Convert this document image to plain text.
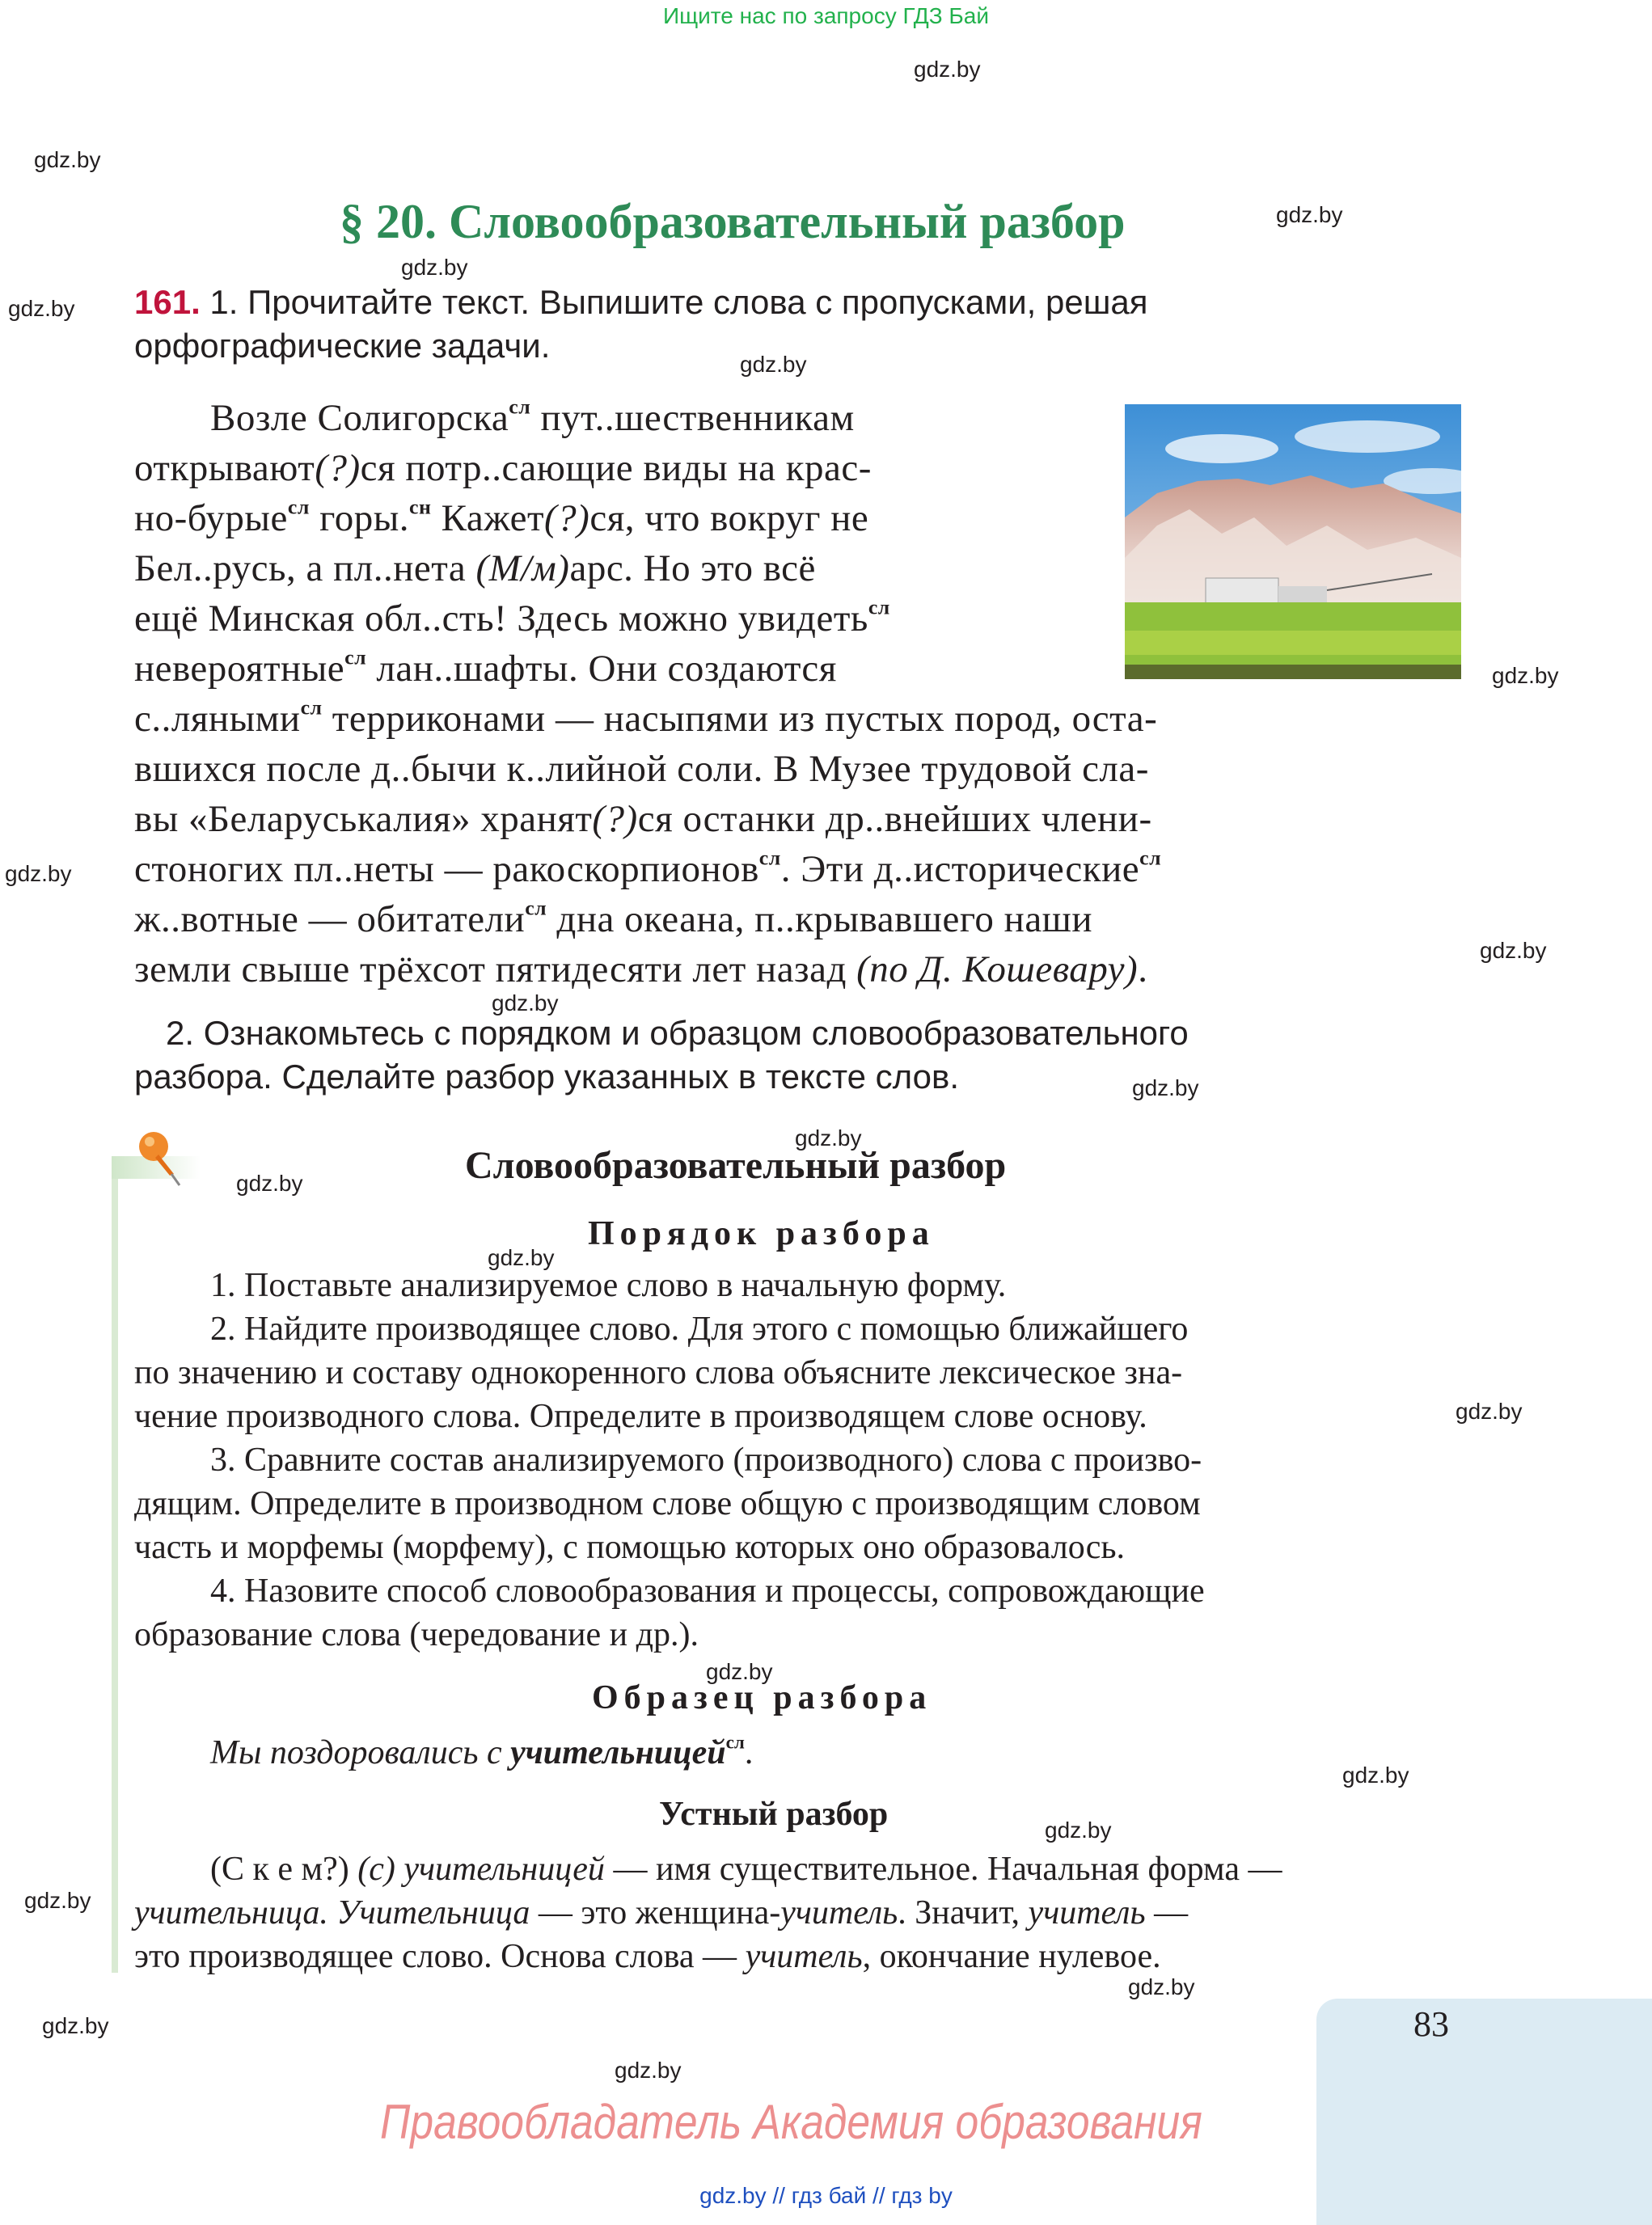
Ищите нас по запросу ГДЗ Бай
gdz.by
gdz.by
gdz.by
gdz.by
gdz.by
gdz.by
gdz.by
gdz.by
gdz.by
gdz.by
gdz.by
gdz.by
gdz.by
gdz.by
gdz.by
gdz.by
gdz.by
gdz.by
gdz.by
gdz.by
gdz.by
gdz.by
§ 20. Словообразовательный разбор
161. 1. Прочитайте текст. Выпишите слова с пропусками, решая
орфографические задачи.
Возле Солигорска$^{сл}$ пут..шественникам
открывают(?)ся потр..сающие виды на крас-
но-бурые$^{сл}$ горы.$^{сн}$ Кажет(?)ся, что вокруг не
Бел..русь, а пл..нета (М/м)арс. Но это всё
ещё Минская обл..сть! Здесь можно увидеть$^{сл}$
невероятные$^{сл}$ лан..шафты. Они создаются
с..ляными$^{сл}$ терриконами — насыпями из пустых пород, оста-
вшихся после д..бычи к..лийной соли. В Музее трудовой сла-
вы «Беларуськалия» хранят(?)ся останки др..внейших члени-
стоногих пл..неты — ракоскорпионов$^{сл}$. Эти д..исторические$^{сл}$
ж..вотные — обитатели$^{сл}$ дна океана, п..крывавшего наши
земли свыше трёхсот пятидесяти лет назад (по Д. Кошевару).
2. Ознакомьтесь с порядком и образцом словообразовательного
разбора. Сделайте разбор указанных в тексте слов.
Словообразовательный разбор
Порядок разбора
1. Поставьте анализируемое слово в начальную форму.
2. Найдите производящее слово. Для этого с помощью ближайшего
по значению и составу однокоренного слова объясните лексическое зна-
чение производного слова. Определите в производящем слове основу.
3. Сравните состав анализируемого (производного) слова с произво-
дящим. Определите в производном слове общую с производящим словом
часть и морфемы (морфему), с помощью которых оно образовалось.
4. Назовите способ словообразования и процессы, сопровождающие
образование слова (чередование и др.).
Образец разбора
Мы поздоровались с учительницей$^{сл}$.
Устный разбор
(С к е м?) (с) учительницей — имя существительное. Начальная форма —
учительница. Учительница — это женщина-учитель. Значит, учитель —
это производящее слово. Основа слова — учитель, окончание нулевое.
83
Правообладатель Академия образования
gdz.by // гдз бай // гдз by
